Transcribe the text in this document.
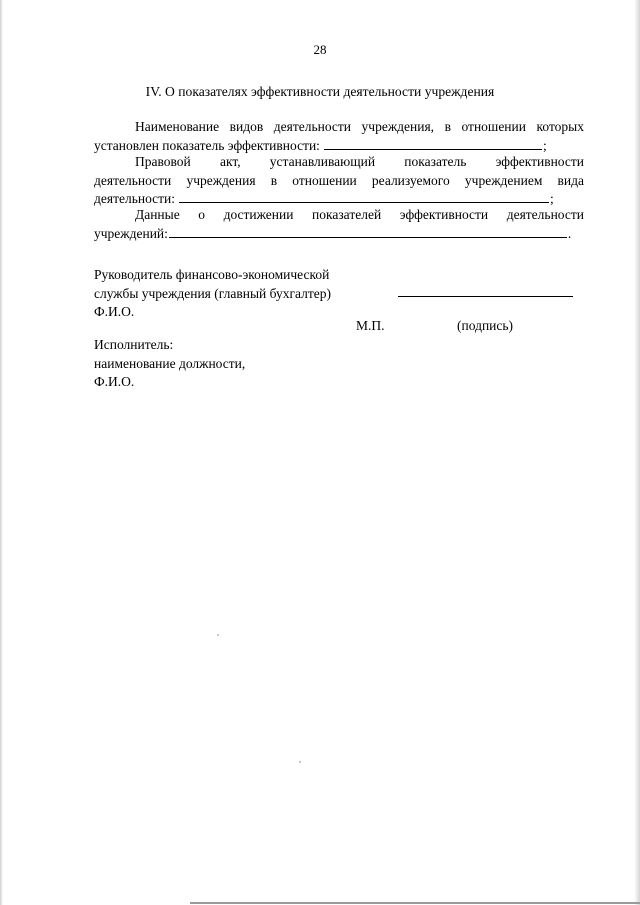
28
IV. О показателях эффективности деятельности учреждения
Наименование видов деятельности учреждения, в отношении которых
установлен показатель эффективности:	;
Правовой акт, устанавливающий показатель эффективности
деятельности учреждения в отношении реализуемого учреждением вида
деятельности:	;
Данные о достижении показателей эффективности деятельности
учреждений:	.
Руководитель финансово-экономической
службы учреждения (главный бухгалтер)
Ф.И.О.
М.П.	(подпись)
Исполнитель:
наименование должности,
Ф.И.О.
